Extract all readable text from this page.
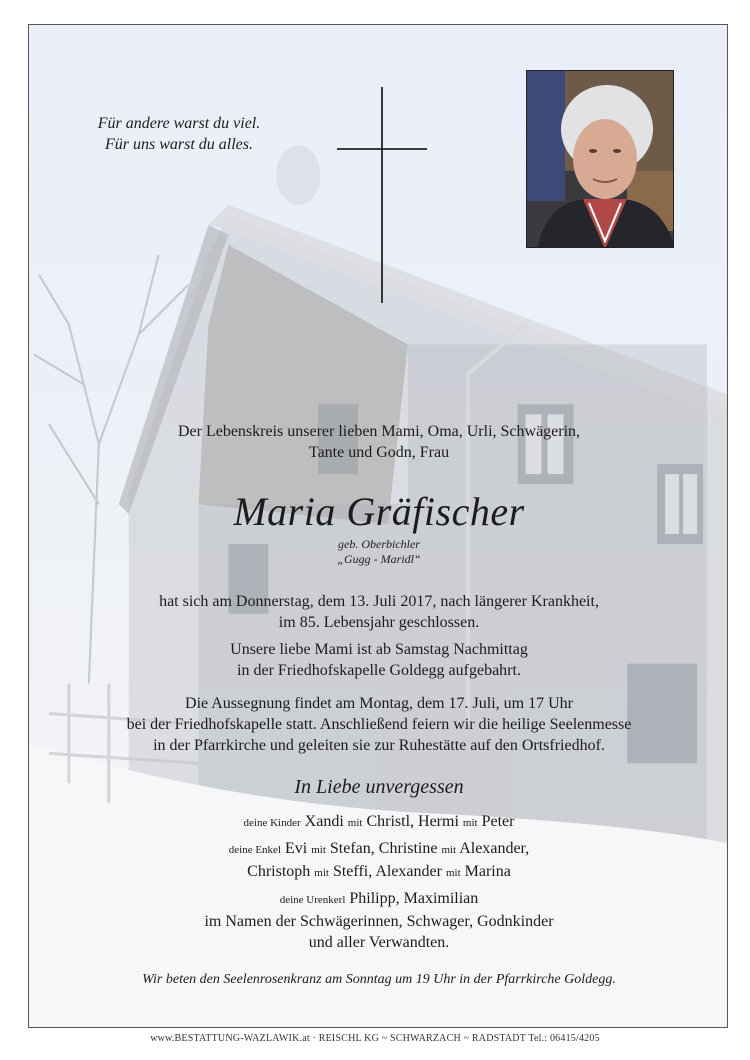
Für andere warst du viel.
Für uns warst du alles.
Der Lebenskreis unserer lieben Mami, Oma, Urli, Schwägerin,
Tante und Godn, Frau
Maria Gräfischer
geb. Oberbichler
„Gugg - Maridl“
hat sich am Donnerstag, dem 13. Juli 2017, nach längerer Krankheit,
im 85. Lebensjahr geschlossen.
Unsere liebe Mami ist ab Samstag Nachmittag
in der Friedhofskapelle Goldegg aufgebahrt.
Die Aussegnung findet am Montag, dem 17. Juli, um 17 Uhr
bei der Friedhofskapelle statt. Anschließend feiern wir die heilige Seelenmesse
in der Pfarrkirche und geleiten sie zur Ruhestätte auf den Ortsfriedhof.
In Liebe unvergessen
deine Kinder Xandi mit Christl, Hermi mit Peter
deine Enkel Evi mit Stefan, Christine mit Alexander,
Christoph mit Steffi, Alexander mit Marina
deine Urenkerl Philipp, Maximilian
im Namen der Schwägerinnen, Schwager, Godnkinder
und aller Verwandten.
Wir beten den Seelenrosenkranz am Sonntag um 19 Uhr in der Pfarrkirche Goldegg.
www.BESTATTUNG-WAZLAWIK.at · REISCHL KG ~ SCHWARZACH ~ RADSTADT Tel.: 06415/4205
